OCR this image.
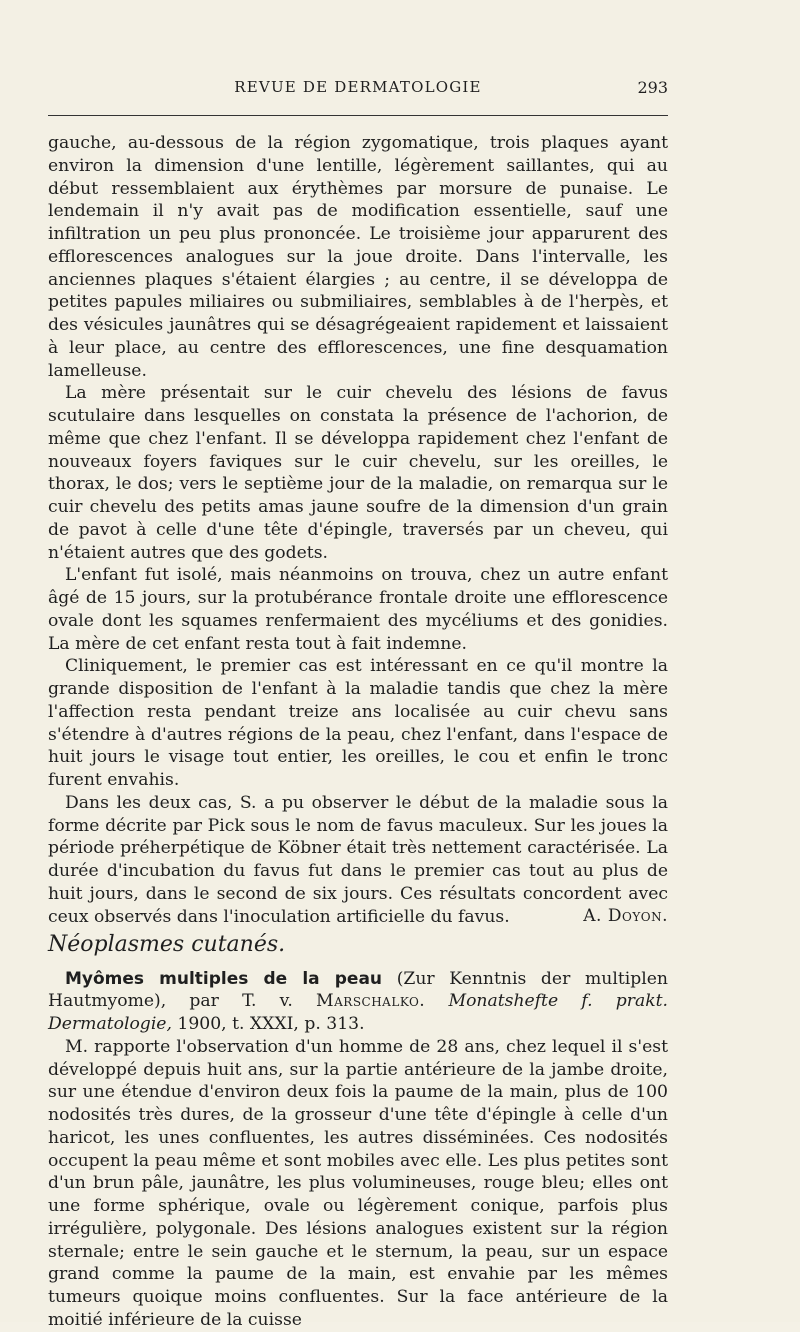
REVUE DE DERMATOLOGIE	293

gauche, au-dessous de la région zygomatique, trois plaques ayant environ la dimension d'une lentille, légèrement saillantes, qui au début ressemblaient aux érythèmes par morsure de punaise. Le lendemain il n'y avait pas de modification essentielle, sauf une infiltration un peu plus prononcée. Le troisième jour apparurent des efflorescences analogues sur la joue droite. Dans l'intervalle, les anciennes plaques s'étaient élargies ; au centre, il se développa de petites papules miliaires ou submiliaires, semblables à de l'herpès, et des vésicules jaunâtres qui se désagrégeaient rapidement et laissaient à leur place, au centre des efflorescences, une fine desquamation lamelleuse.

La mère présentait sur le cuir chevelu des lésions de favus scutulaire dans lesquelles on constata la présence de l'achorion, de même que chez l'enfant. Il se développa rapidement chez l'enfant de nouveaux foyers faviques sur le cuir chevelu, sur les oreilles, le thorax, le dos; vers le septième jour de la maladie, on remarqua sur le cuir chevelu des petits amas jaune soufre de la dimension d'un grain de pavot à celle d'une tête d'épingle, traversés par un cheveu, qui n'étaient autres que des godets.

L'enfant fut isolé, mais néanmoins on trouva, chez un autre enfant âgé de 15 jours, sur la protubérance frontale droite une efflorescence ovale dont les squames renfermaient des mycéliums et des gonidies. La mère de cet enfant resta tout à fait indemne.

Cliniquement, le premier cas est intéressant en ce qu'il montre la grande disposition de l'enfant à la maladie tandis que chez la mère l'affection resta pendant treize ans localisée au cuir chevu sans s'étendre à d'autres régions de la peau, chez l'enfant, dans l'espace de huit jours le visage tout entier, les oreilles, le cou et enfin le tronc furent envahis.

Dans les deux cas, S. a pu observer le début de la maladie sous la forme décrite par Pick sous le nom de favus maculeux. Sur les joues la période préherpétique de Köbner était très nettement caractérisée. La durée d'incubation du favus fut dans le premier cas tout au plus de huit jours, dans le second de six jours. Ces résultats concordent avec ceux observés dans l'inoculation artificielle du favus.	A. Doyon.
Néoplasmes cutanés.

Myômes multiples de la peau (Zur Kenntnis der multiplen Hautmyome), par T. v. Marschalko. Monatshefte f. prakt. Dermatologie, 1900, t. XXXI, p. 313.

M. rapporte l'observation d'un homme de 28 ans, chez lequel il s'est développé depuis huit ans, sur la partie antérieure de la jambe droite, sur une étendue d'environ deux fois la paume de la main, plus de 100 nodosités très dures, de la grosseur d'une tête d'épingle à celle d'un haricot, les unes confluentes, les autres disséminées. Ces nodosités occupent la peau même et sont mobiles avec elle. Les plus petites sont d'un brun pâle, jaunâtre, les plus volumineuses, rouge bleu; elles ont une forme sphérique, ovale ou légèrement conique, parfois plus irrégulière, polygonale. Des lésions analogues existent sur la région sternale; entre le sein gauche et le sternum, la peau, sur un espace grand comme la paume de la main, est envahie par les mêmes tumeurs quoique moins confluentes. Sur la face antérieure de la moitié inférieure de la cuisse
